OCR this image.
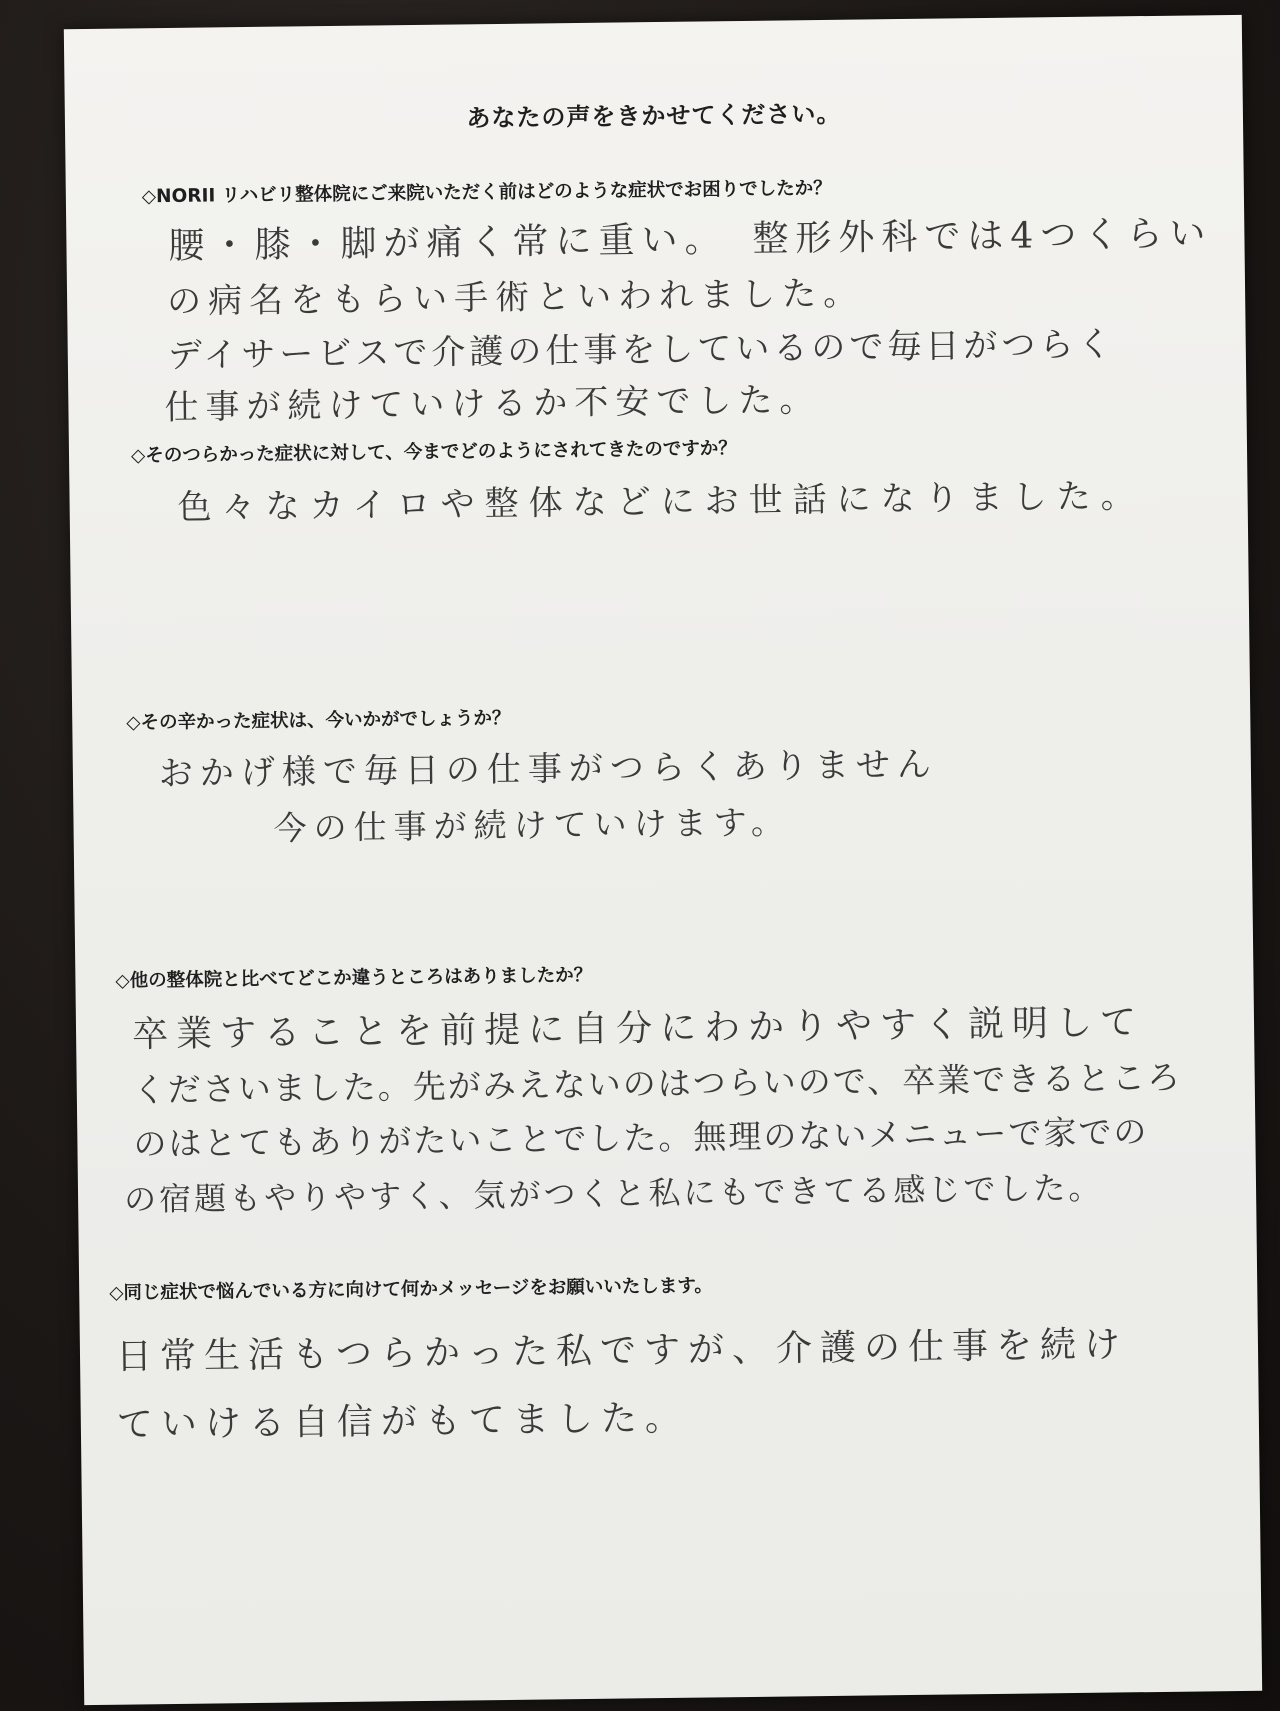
あなたの声をきかせてください。
◇NORII リハビリ整体院にご来院いただく前はどのような症状でお困りでしたか？
腰・膝・脚が痛く常に重い。　整形外科では4つくらい
の病名をもらい手術といわれました。
デイサービスで介護の仕事をしているので毎日がつらく
仕事が続けていけるか不安でした。
◇そのつらかった症状に対して、今までどのようにされてきたのですか？
色々なカイロや整体などにお世話になりました。
◇その辛かった症状は、今いかがでしょうか？
おかげ様で毎日の仕事がつらくありません
今の仕事が続けていけます。
◇他の整体院と比べてどこか違うところはありましたか？
卒業することを前提に自分にわかりやすく説明して
くださいました。先がみえないのはつらいので、卒業できるところ
のはとてもありがたいことでした。無理のないメニューで家での
の宿題もやりやすく、気がつくと私にもできてる感じでした。
◇同じ症状で悩んでいる方に向けて何かメッセージをお願いいたします。
日常生活もつらかった私ですが、介護の仕事を続け
ていける自信がもてました。
